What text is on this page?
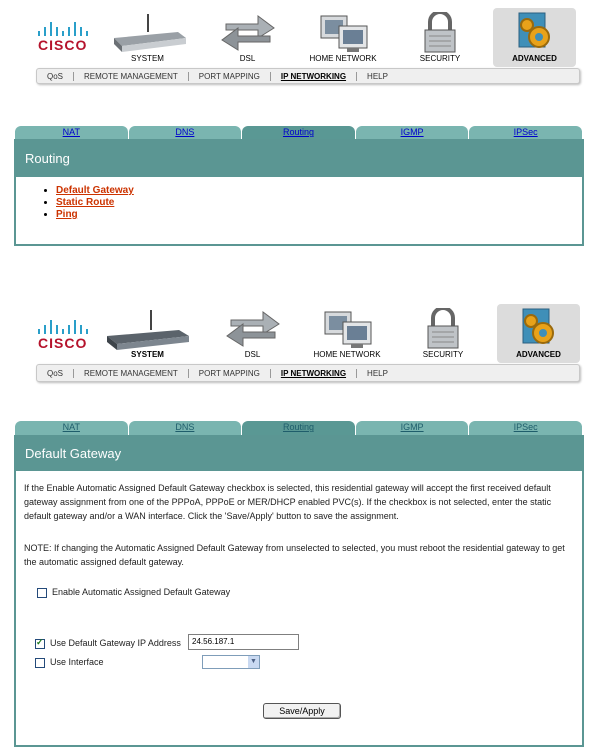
CISCO
SYSTEM	DSL	HOME NETWORK	SECURITY	ADVANCED
QoS	REMOTE MANAGEMENT	PORT MAPPING	IP NETWORKING	HELP
NAT	DNS	Routing	IGMP	IPSec
Routing
• Default Gateway
• Static Route
• Ping
CISCO
SYSTEM	DSL	HOME NETWORK	SECURITY	ADVANCED
QoS	REMOTE MANAGEMENT	PORT MAPPING	IP NETWORKING	HELP
NAT	DNS	Routing	IGMP	IPSec
Default Gateway
If the Enable Automatic Assigned Default Gateway checkbox is selected, this residential gateway will accept the first received default gateway assignment from one of the PPPoA, PPPoE or MER/DHCP enabled PVC(s). If the checkbox is not selected, enter the static default gateway and/or a WAN interface. Click the 'Save/Apply' button to save the assignment.
NOTE: If changing the Automatic Assigned Default Gateway from unselected to selected, you must reboot the residential gateway to get the automatic assigned default gateway.
Enable Automatic Assigned Default Gateway
✓
Use Default Gateway IP Address	24.56.187.1
Use Interface	▼
Save/Apply
